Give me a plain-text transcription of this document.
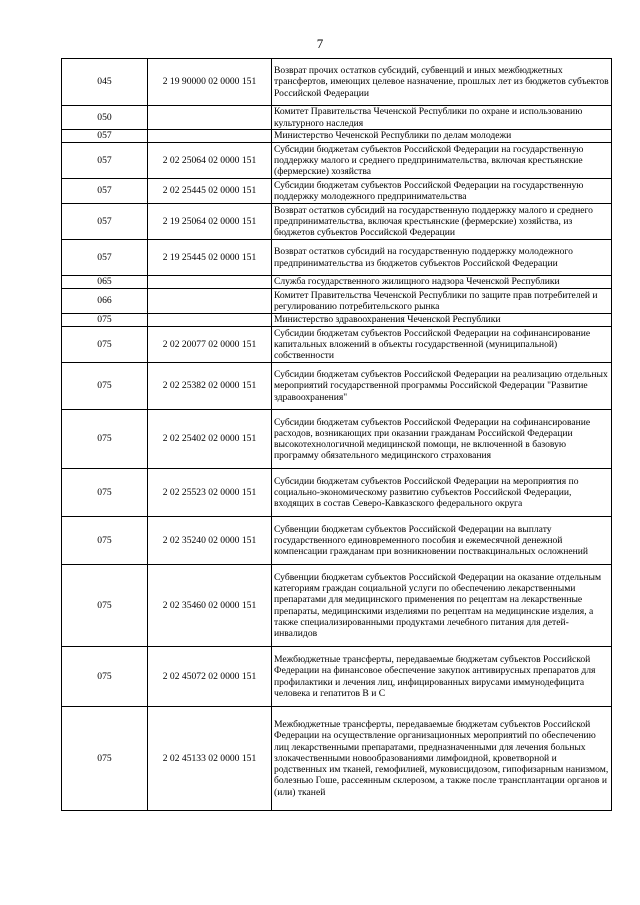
7
045	2 19 90000 02 0000 151	Возврат прочих остатков субсидий, субвенций и иных межбюджетных трансфертов, имеющих целевое назначение, прошлых лет из бюджетов субъектов Российской Федерации
050		Комитет Правительства Чеченской Республики по охране и использованию культурного наследия
057		Министерство Чеченской Республики по делам молодежи
057	2 02 25064 02 0000 151	Субсидии бюджетам субъектов Российской Федерации на государственную поддержку малого и среднего предпринимательства, включая крестьянские (фермерские) хозяйства
057	2 02 25445 02 0000 151	Субсидии бюджетам субъектов Российской Федерации на государственную поддержку молодежного предпринимательства
057	2 19 25064 02 0000 151	Возврат остатков субсидий на государственную поддержку малого и среднего предпринимательства, включая крестьянские (фермерские) хозяйства, из бюджетов субъектов Российской Федерации
057	2 19 25445 02 0000 151	Возврат остатков субсидий на государственную поддержку молодежного предпринимательства из бюджетов субъектов Российской Федерации
065		Служба государственного жилищного надзора Чеченской Республики
066		Комитет Правительства Чеченской Республики по защите прав потребителей и регулированию потребительского рынка
075		Министерство здравоохранения Чеченской Республики
075	2 02 20077 02 0000 151	Субсидии бюджетам субъектов Российской Федерации на софинансирование капитальных вложений в объекты государственной (муниципальной) собственности
075	2 02 25382 02 0000 151	Субсидии бюджетам субъектов Российской Федерации на реализацию отдельных мероприятий государственной программы Российской Федерации "Развитие здравоохранения"
075	2 02 25402 02 0000 151	Субсидии бюджетам субъектов Российской Федерации на софинансирование расходов, возникающих при оказании гражданам Российской Федерации высокотехнологичной медицинской помощи, не включенной в базовую программу обязательного медицинского страхования
075	2 02 25523 02 0000 151	Субсидии бюджетам субъектов Российской Федерации на мероприятия по социально-экономическому развитию субъектов Российской Федерации, входящих в состав Северо-Кавказского федерального округа
075	2 02 35240 02 0000 151	Субвенции бюджетам субъектов Российской Федерации на выплату государственного единовременного пособия и ежемесячной денежной компенсации гражданам при возникновении поствакцинальных осложнений
075	2 02 35460 02 0000 151	Субвенции бюджетам субъектов Российской Федерации на оказание отдельным категориям граждан социальной услуги по обеспечению лекарственными препаратами для медицинского применения по рецептам на лекарственные препараты, медицинскими изделиями по рецептам на медицинские изделия, а также специализированными продуктами лечебного питания для детей-инвалидов
075	2 02 45072 02 0000 151	Межбюджетные трансферты, передаваемые бюджетам субъектов Российской Федерации на финансовое обеспечение закупок антивирусных препаратов для профилактики и лечения лиц, инфицированных вирусами иммунодефицита человека и гепатитов B и C
075	2 02 45133 02 0000 151	Межбюджетные трансферты, передаваемые бюджетам субъектов Российской Федерации на осуществление организационных мероприятий по обеспечению лиц лекарственными препаратами, предназначенными для лечения больных злокачественными новообразованиями лимфоидной, кроветворной и родственных им тканей, гемофилией, муковисцидозом, гипофизарным нанизмом, болезнью Гоше, рассеянным склерозом, а также после трансплантации органов и (или) тканей
